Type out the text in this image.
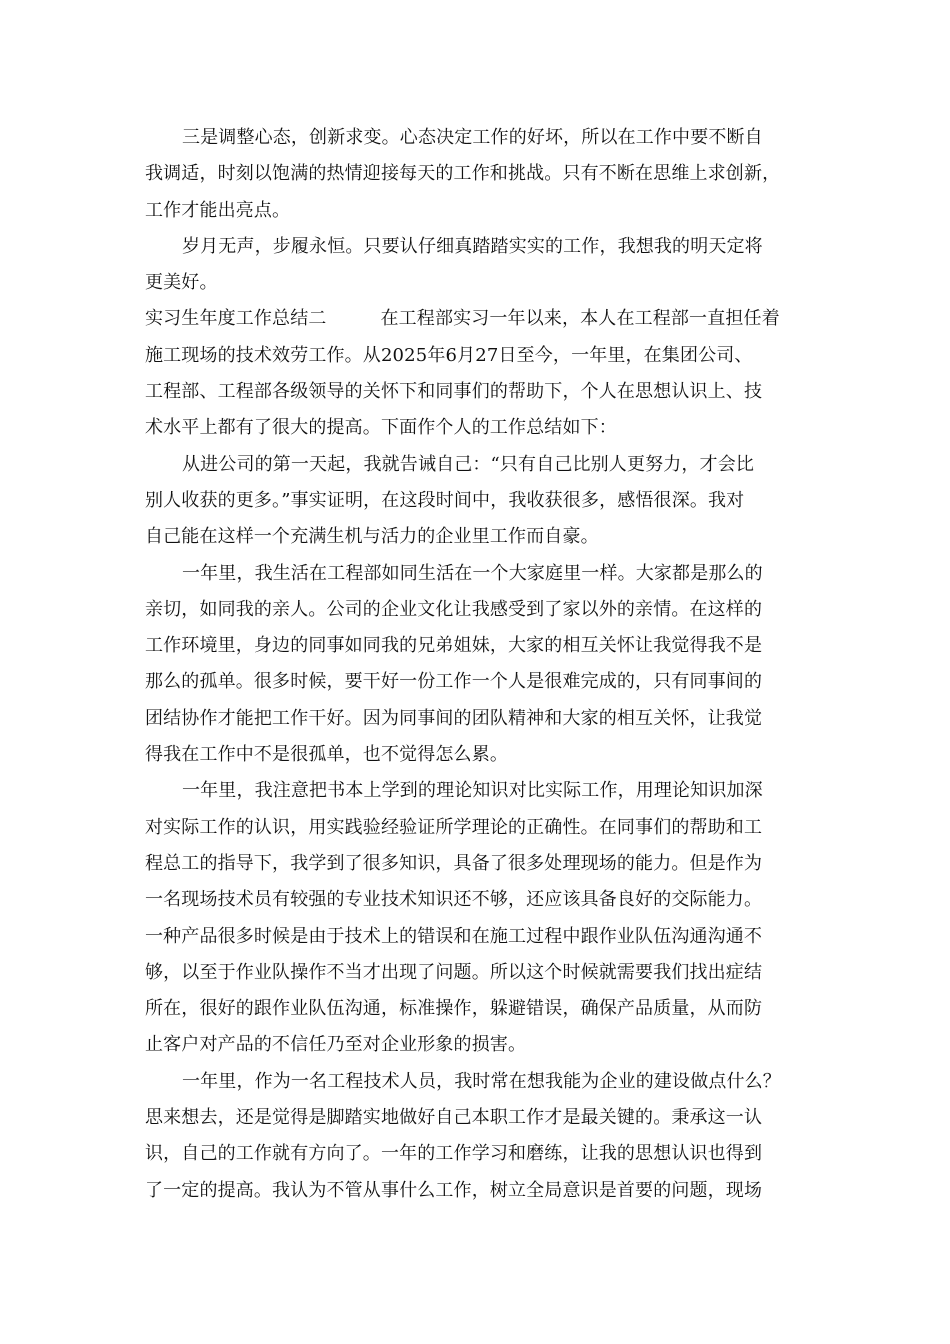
三是调整心态，创新求变。心态决定工作的好坏，所以在工作中要不断自
我调适，时刻以饱满的热情迎接每天的工作和挑战。只有不断在思维上求创新，
工作才能出亮点。

岁月无声，步履永恒。只要认仔细真踏踏实实的工作，我想我的明天定将
更美好。

实习生年度工作总结二	在工程部实习一年以来，本人在工程部一直担任着
施工现场的技术效劳工作。从2025年6月27日至今，一年里，在集团公司、
工程部、工程部各级领导的关怀下和同事们的帮助下，个人在思想认识上、技
术水平上都有了很大的提高。下面作个人的工作总结如下：

从进公司的第一天起，我就告诫自己：“只有自己比别人更努力，才会比
别人收获的更多。”事实证明，在这段时间中，我收获很多，感悟很深。我对
自己能在这样一个充满生机与活力的企业里工作而自豪。

一年里，我生活在工程部如同生活在一个大家庭里一样。大家都是那么的
亲切，如同我的亲人。公司的企业文化让我感受到了家以外的亲情。在这样的
工作环境里，身边的同事如同我的兄弟姐妹，大家的相互关怀让我觉得我不是
那么的孤单。很多时候，要干好一份工作一个人是很难完成的，只有同事间的
团结协作才能把工作干好。因为同事间的团队精神和大家的相互关怀，让我觉
得我在工作中不是很孤单，也不觉得怎么累。

一年里，我注意把书本上学到的理论知识对比实际工作，用理论知识加深
对实际工作的认识，用实践验经验证所学理论的正确性。在同事们的帮助和工
程总工的指导下，我学到了很多知识，具备了很多处理现场的能力。但是作为
一名现场技术员有较强的专业技术知识还不够，还应该具备良好的交际能力。
一种产品很多时候是由于技术上的错误和在施工过程中跟作业队伍沟通沟通不
够，以至于作业队操作不当才出现了问题。所以这个时候就需要我们找出症结
所在，很好的跟作业队伍沟通，标准操作，躲避错误，确保产品质量，从而防
止客户对产品的不信任乃至对企业形象的损害。

一年里，作为一名工程技术人员，我时常在想我能为企业的建设做点什么？
思来想去，还是觉得是脚踏实地做好自己本职工作才是最关键的。秉承这一认
识，自己的工作就有方向了。一年的工作学习和磨练，让我的思想认识也得到
了一定的提高。我认为不管从事什么工作，树立全局意识是首要的问题，现场
